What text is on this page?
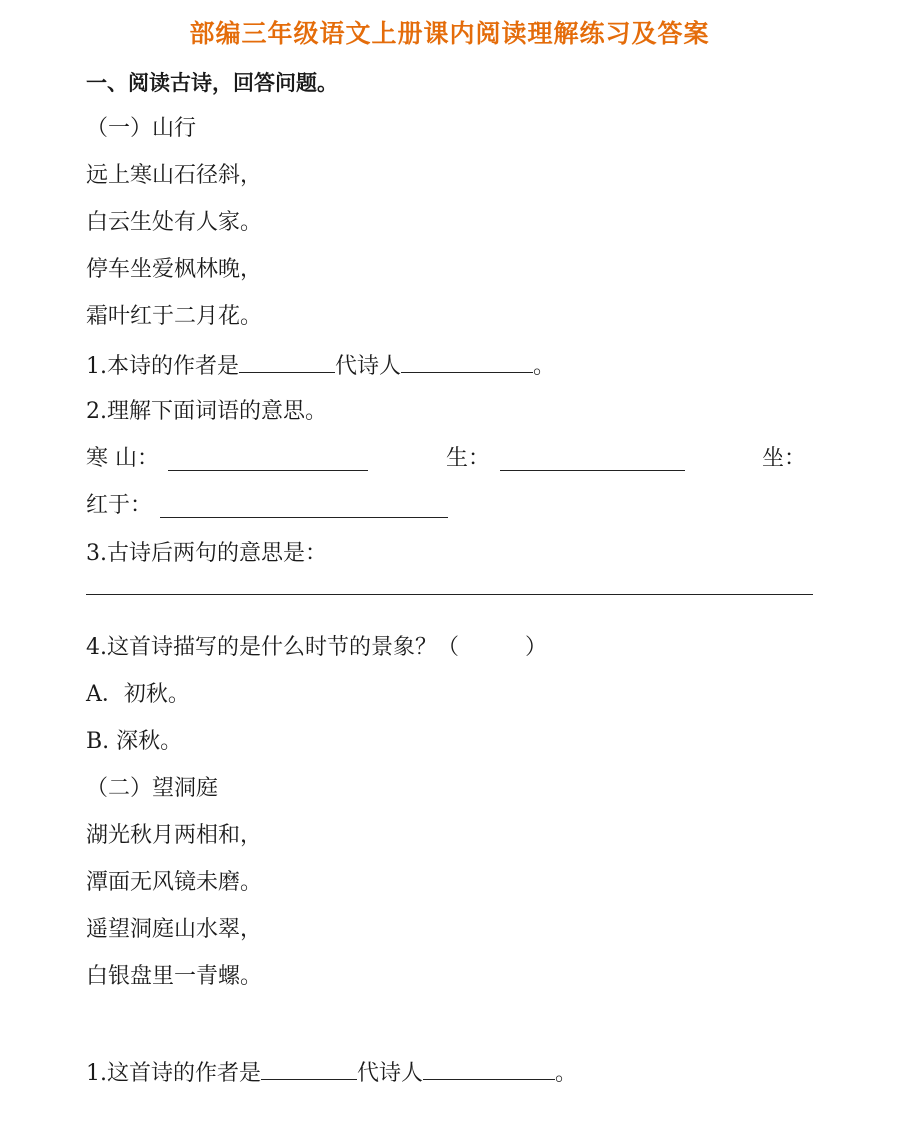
部编三年级语文上册课内阅读理解练习及答案
一、阅读古诗，回答问题。
（一）山行
远上寒山石径斜，
白云生处有人家。
停车坐爱枫林晚，
霜叶红于二月花。
1.本诗的作者是	代诗人	。
2.理解下面词语的意思。
寒 山：	生：	坐：
红于：
3.古诗后两句的意思是：
4.这首诗描写的是什么时节的景象？（　　　）
A．初秋。
B. 深秋。
（二）望洞庭
湖光秋月两相和，
潭面无风镜未磨。
遥望洞庭山水翠，
白银盘里一青螺。
1.这首诗的作者是	代诗人	。
